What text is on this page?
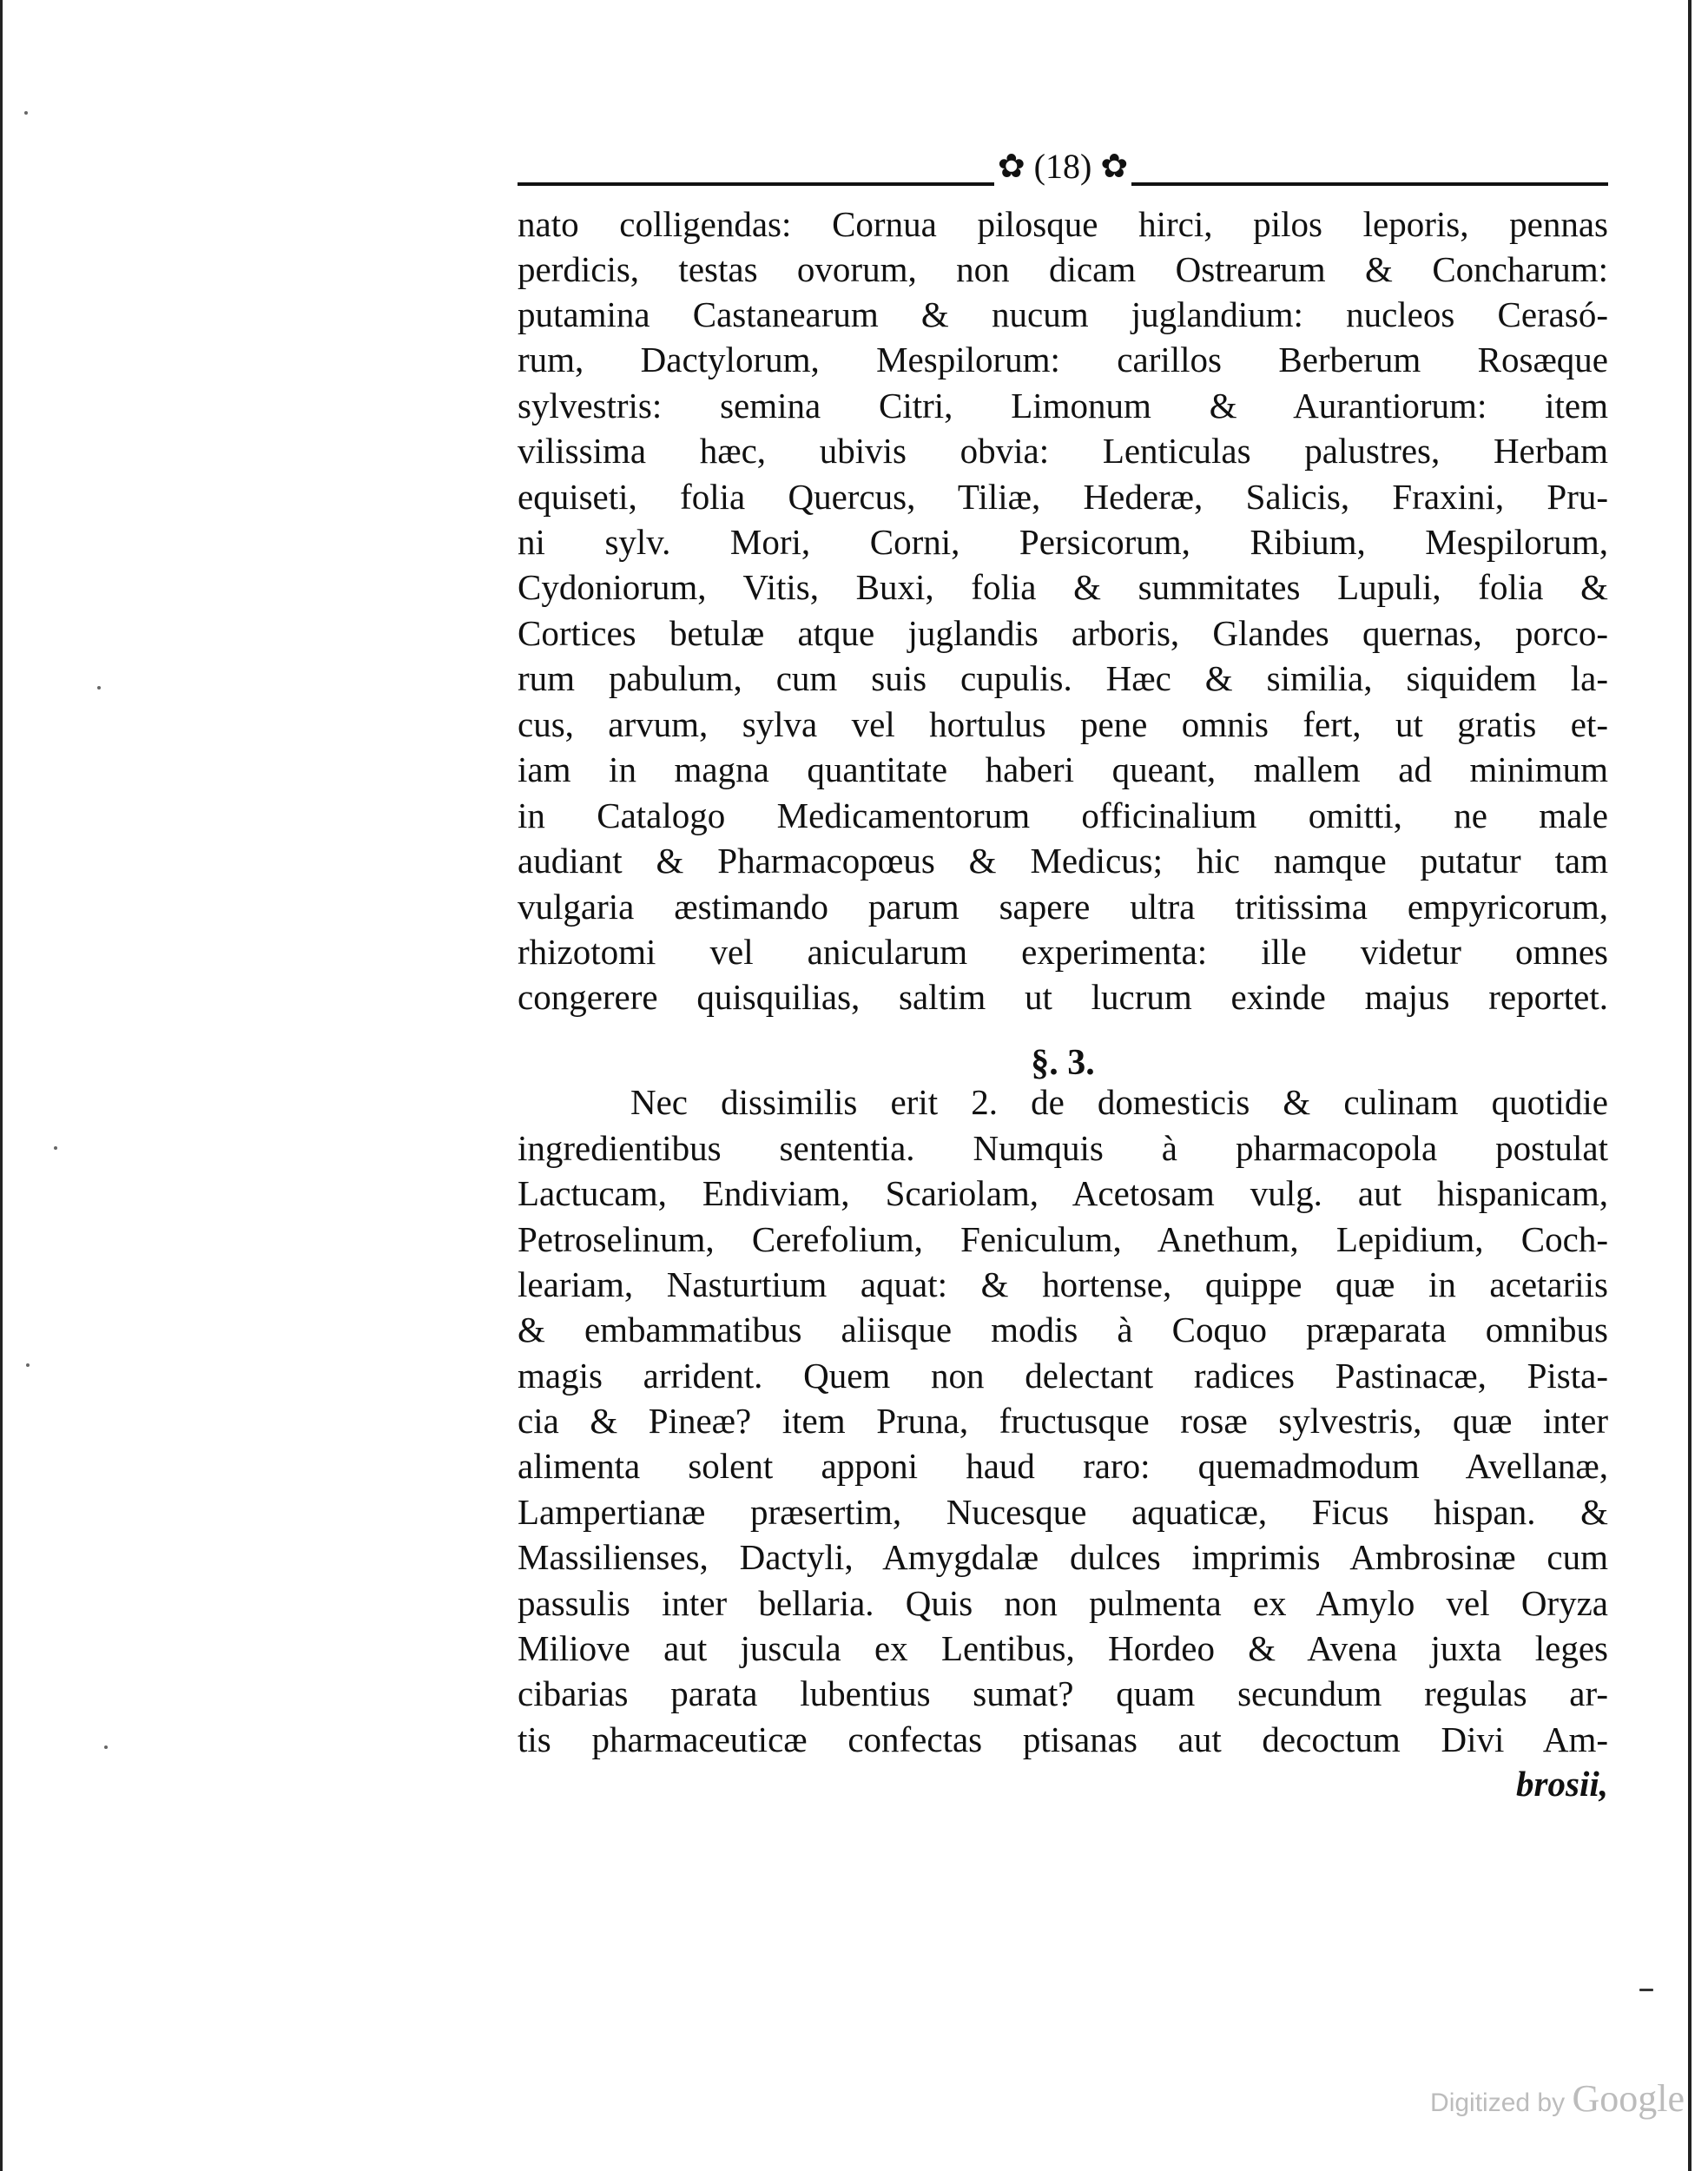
✿ (18) ✿
nato colligendas: Cornua pilosque hirci, pilos leporis, pennas
perdicis, testas ovorum, non dicam Ostrearum & Concharum:
putamina Castanearum & nucum juglandium: nucleos Cerasó-
rum, Dactylorum, Mespilorum: carillos Berberum Rosæque
sylvestris: semina Citri, Limonum & Aurantiorum: item
vilissima hæc, ubivis obvia: Lenticulas palustres, Herbam
equiseti, folia Quercus, Tiliæ, Hederæ, Salicis, Fraxini, Pru-
ni sylv. Mori, Corni, Persicorum, Ribium, Mespilorum,
Cydoniorum, Vitis, Buxi, folia & summitates Lupuli, folia &
Cortices betulæ atque juglandis arboris, Glandes quernas, porco-
rum pabulum, cum suis cupulis. Hæc & similia, siquidem la-
cus, arvum, sylva vel hortulus pene omnis fert, ut gratis et-
iam in magna quantitate haberi queant, mallem ad minimum
in Catalogo Medicamentorum officinalium omitti, ne male
audiant & Pharmacopœus & Medicus; hic namque putatur tam
vulgaria æstimando parum sapere ultra tritissima empyricorum,
rhizotomi vel anicularum experimenta: ille videtur omnes
congerere quisquilias, saltim ut lucrum exinde majus reportet.
§. 3.
Nec dissimilis erit 2. de domesticis & culinam quotidie
ingredientibus sententia. Numquis à pharmacopola postulat
Lactucam, Endiviam, Scariolam, Acetosam vulg. aut hispanicam,
Petroselinum, Cerefolium, Feniculum, Anethum, Lepidium, Coch-
leariam, Nasturtium aquat: & hortense, quippe quæ in acetariis
& embammatibus aliisque modis à Coquo præparata omnibus
magis arrident. Quem non delectant radices Pastinacæ, Pista-
cia & Pineæ? item Pruna, fructusque rosæ sylvestris, quæ inter
alimenta solent apponi haud raro: quemadmodum Avellanæ,
Lampertianæ præsertim, Nucesque aquaticæ, Ficus hispan. &
Massilienses, Dactyli, Amygdalæ dulces imprimis Ambrosinæ cum
passulis inter bellaria. Quis non pulmenta ex Amylo vel Oryza
Miliove aut juscula ex Lentibus, Hordeo & Avena juxta leges
cibarias parata lubentius sumat? quam secundum regulas ar-
tis pharmaceuticæ confectas ptisanas aut decoctum Divi Am-
brosii,
Digitized by Google
